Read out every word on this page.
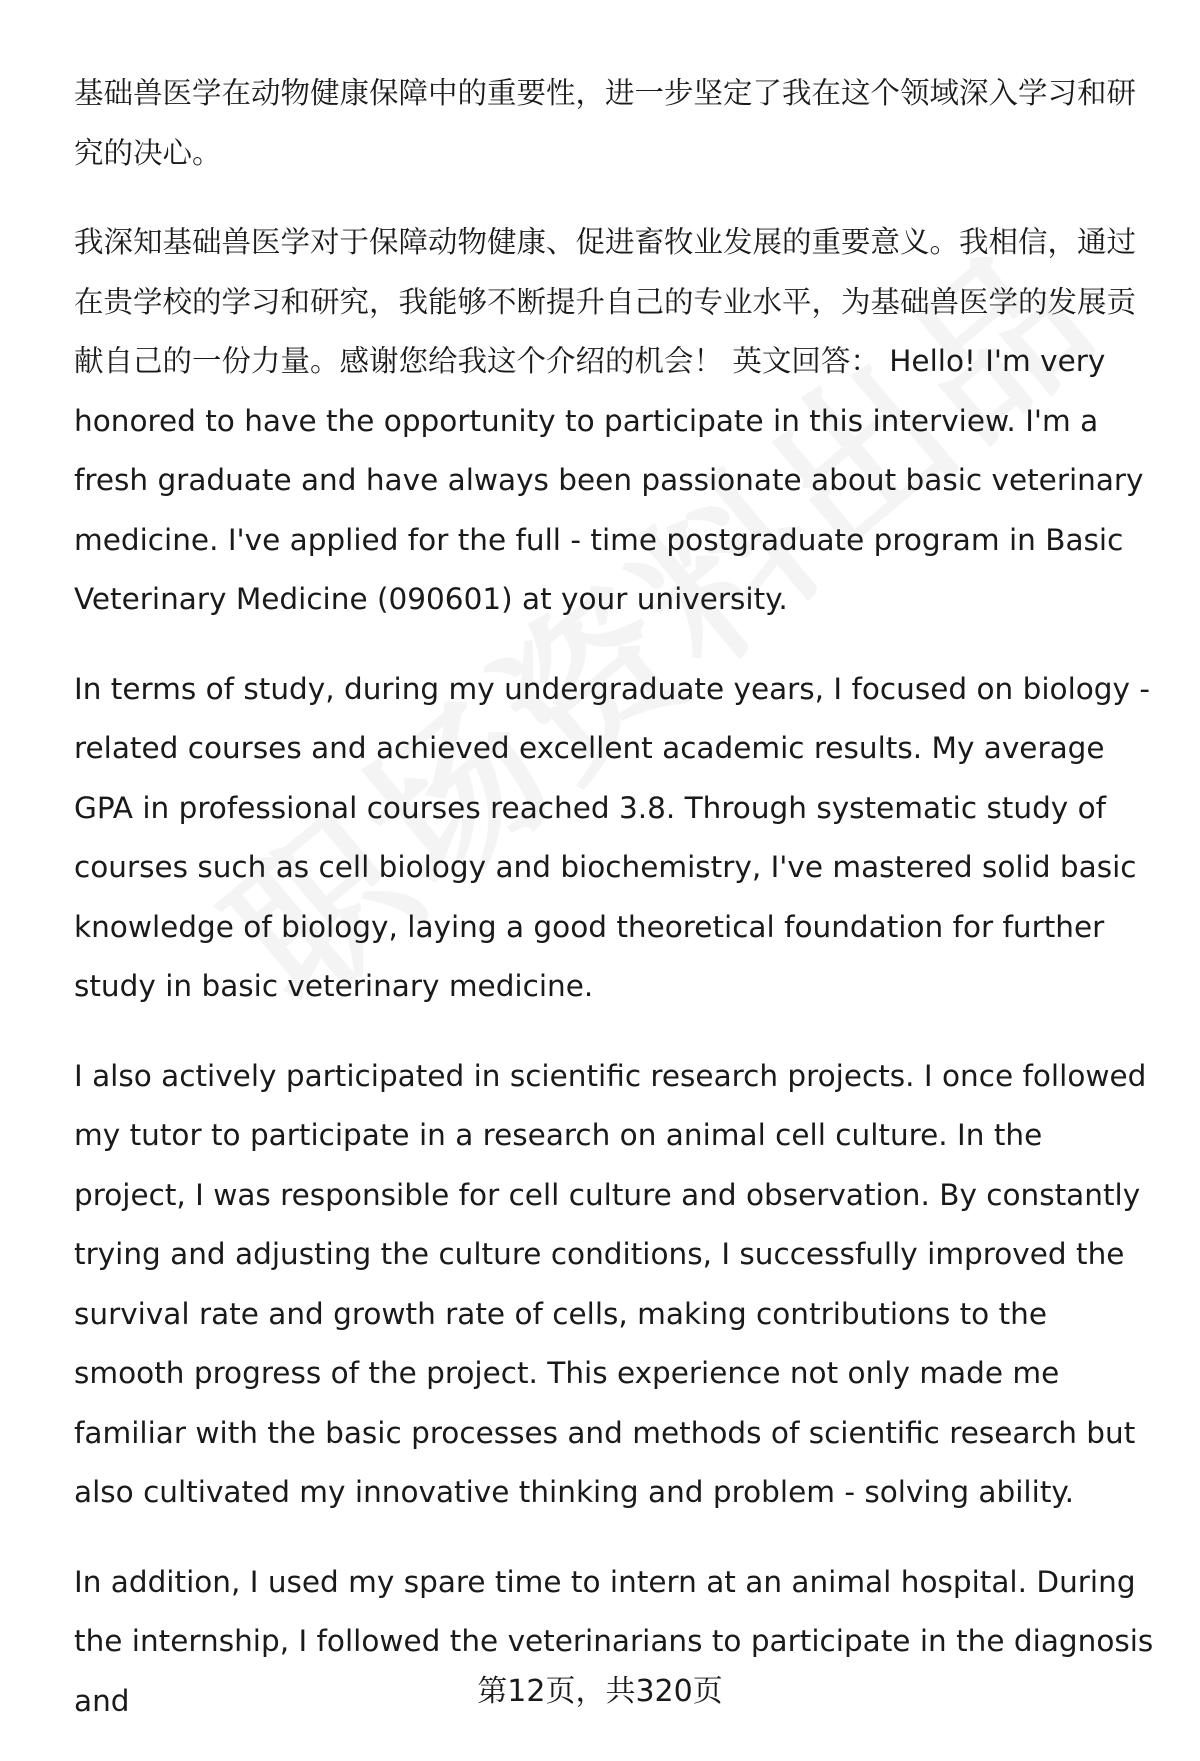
基础兽医学在动物健康保障中的重要性，进一步坚定了我在这个领域深入学习和研究的决心。

我深知基础兽医学对于保障动物健康、促进畜牧业发展的重要意义。我相信，通过在贵学校的学习和研究，我能够不断提升自己的专业水平，为基础兽医学的发展贡献自己的一份力量。感谢您给我这个介绍的机会！ 英文回答： Hello! I'm very honored to have the opportunity to participate in this interview. I'm a fresh graduate and have always been passionate about basic veterinary medicine. I've applied for the full - time postgraduate program in Basic Veterinary Medicine (090601) at your university.

In terms of study, during my undergraduate years, I focused on biology - related courses and achieved excellent academic results. My average GPA in professional courses reached 3.8. Through systematic study of courses such as cell biology and biochemistry, I've mastered solid basic knowledge of biology, laying a good theoretical foundation for further study in basic veterinary medicine.

I also actively participated in scientific research projects. I once followed my tutor to participate in a research on animal cell culture. In the project, I was responsible for cell culture and observation. By constantly trying and adjusting the culture conditions, I successfully improved the survival rate and growth rate of cells, making contributions to the smooth progress of the project. This experience not only made me familiar with the basic processes and methods of scientific research but also cultivated my innovative thinking and problem - solving ability.

In addition, I used my spare time to intern at an animal hospital. During the internship, I followed the veterinarians to participate in the diagnosis and	第12页，共320页
